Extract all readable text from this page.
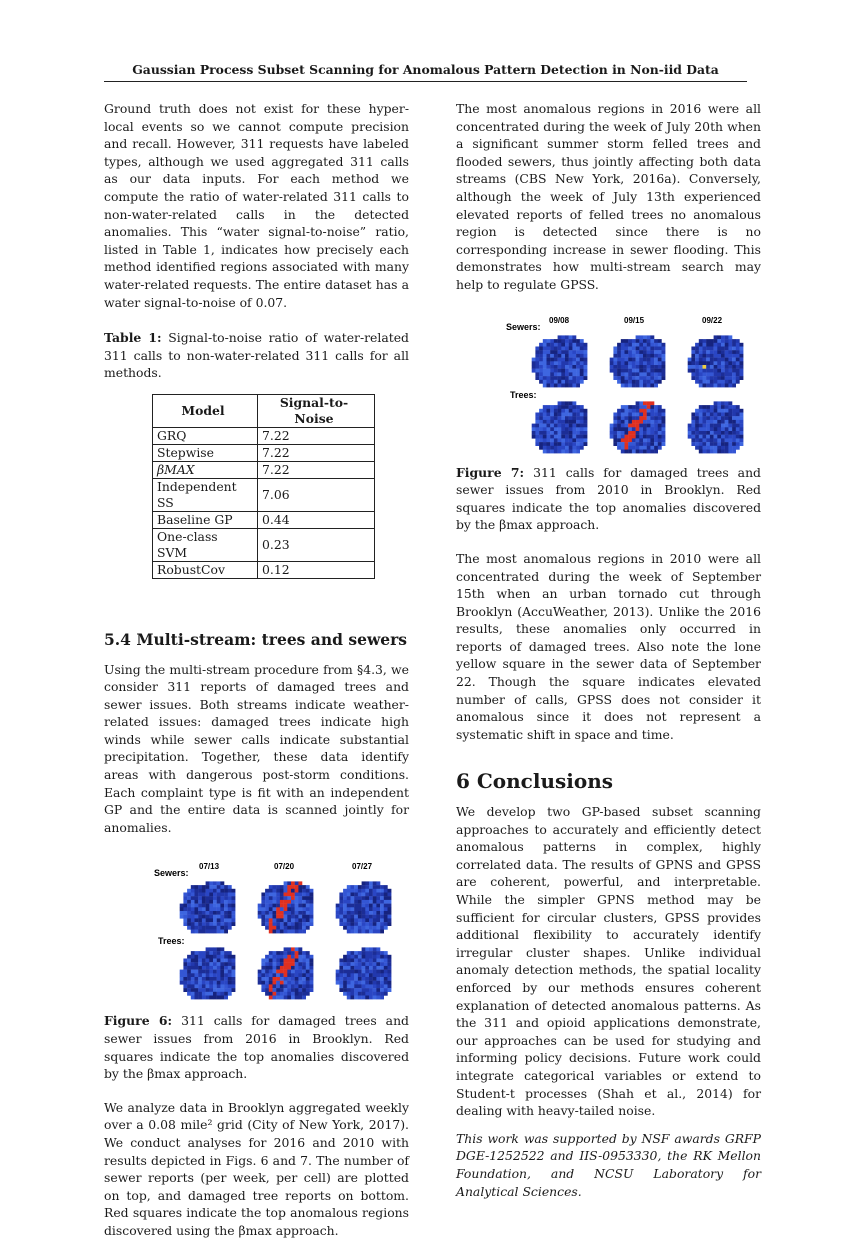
Gaussian Process Subset Scanning for Anomalous Pattern Detection in Non-iid Data

Ground truth does not exist for these hyper-local events so we cannot compute precision and recall. However, 311 requests have labeled types, although we used aggregated 311 calls as our data inputs. For each method we compute the ratio of water-related 311 calls to non-water-related calls in the detected anomalies. This “water signal-to-noise” ratio, listed in Table 1, indicates how precisely each method identified regions associated with many water-related requests. The entire dataset has a water signal-to-noise of 0.07.

Table 1: Signal-to-noise ratio of water-related 311 calls to non-water-related 311 calls for all methods.

Model	Signal-to-Noise
GRQ	7.22
Stepwise	7.22
βMAX	7.22
Independent SS	7.06
Baseline GP	0.44
One-class SVM	0.23
RobustCov	0.12
5.4 Multi-stream: trees and sewers

Using the multi-stream procedure from §4.3, we consider 311 reports of damaged trees and sewer issues. Both streams indicate weather-related issues: damaged trees indicate high winds while sewer calls indicate substantial precipitation. Together, these data identify areas with dangerous post-storm conditions. Each complaint type is fit with an independent GP and the entire data is scanned jointly for anomalies.

Sewers:
Trees:
07/13	07/20	07/27

Figure 6: 311 calls for damaged trees and sewer issues from 2016 in Brooklyn. Red squares indicate the top anomalies discovered by the βmax approach.

We analyze data in Brooklyn aggregated weekly over a 0.08 mile² grid (City of New York, 2017). We conduct analyses for 2016 and 2010 with results depicted in Figs. 6 and 7. The number of sewer reports (per week, per cell) are plotted on top, and damaged tree reports on bottom. Red squares indicate the top anomalous regions discovered using the βmax approach.

The most anomalous regions in 2016 were all concentrated during the week of July 20th when a significant summer storm felled trees and flooded sewers, thus jointly affecting both data streams (CBS New York, 2016a). Conversely, although the week of July 13th experienced elevated reports of felled trees no anomalous region is detected since there is no corresponding increase in sewer flooding. This demonstrates how multi-stream search may help to regulate GPSS.

Sewers:
Trees:
09/08	09/15	09/22

Figure 7: 311 calls for damaged trees and sewer issues from 2010 in Brooklyn. Red squares indicate the top anomalies discovered by the βmax approach.

The most anomalous regions in 2010 were all concentrated during the week of September 15th when an urban tornado cut through Brooklyn (AccuWeather, 2013). Unlike the 2016 results, these anomalies only occurred in reports of damaged trees. Also note the lone yellow square in the sewer data of September 22. Though the square indicates elevated number of calls, GPSS does not consider it anomalous since it does not represent a systematic shift in space and time.

6 Conclusions

We develop two GP-based subset scanning approaches to accurately and efficiently detect anomalous patterns in complex, highly correlated data. The results of GPNS and GPSS are coherent, powerful, and interpretable. While the simpler GPNS method may be sufficient for circular clusters, GPSS provides additional flexibility to accurately identify irregular cluster shapes. Unlike individual anomaly detection methods, the spatial locality enforced by our methods ensures coherent explanation of detected anomalous patterns. As the 311 and opioid applications demonstrate, our approaches can be used for studying and informing policy decisions. Future work could integrate categorical variables or extend to Student-t processes (Shah et al., 2014) for dealing with heavy-tailed noise.

This work was supported by NSF awards GRFP DGE-1252522 and IIS-0953330, the RK Mellon Foundation, and NCSU Laboratory for Analytical Sciences.
